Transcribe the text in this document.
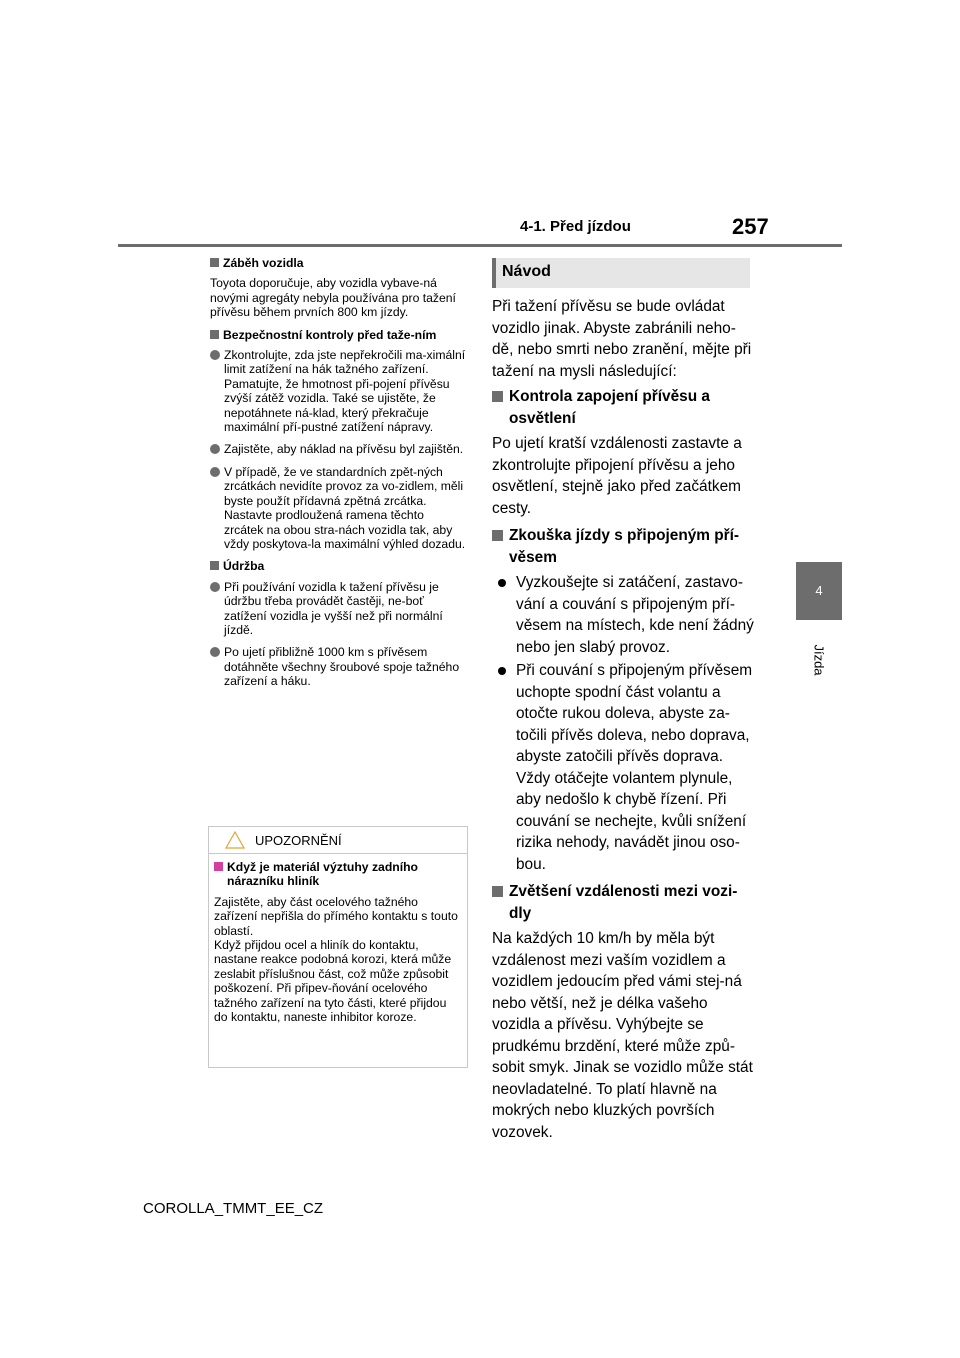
4-1. Před jízdou	257
4
Jízda
Záběh vozidla
Toyota doporučuje, aby vozidla vybave-ná novými agregáty nebyla používána pro tažení přívěsu během prvních 800 km jízdy.
Bezpečnostní kontroly před taže-ním
Zkontrolujte, zda jste nepřekročili ma-ximální limit zatížení na hák tažného zařízení. Pamatujte, že hmotnost při-pojení přívěsu zvýší zátěž vozidla. Také se ujistěte, že nepotáhnete ná-klad, který překračuje maximální pří-pustné zatížení nápravy.
Zajistěte, aby náklad na přívěsu byl zajištěn.
V případě, že ve standardních zpět-ných zrcátkách nevidíte provoz za vo-zidlem, měli byste použít přídavná zpětná zrcátka. Nastavte prodloužená ramena těchto zrcátek na obou stra-nách vozidla tak, aby vždy poskytova-la maximální výhled dozadu.
Údržba
Při používání vozidla k tažení přívěsu je údržbu třeba provádět častěji, ne-boť zatížení vozidla je vyšší než při normální jízdě.
Po ujetí přibližně 1000 km s přívěsem dotáhněte všechny šroubové spoje tažného zařízení a háku.
UPOZORNĚNÍ
Když je materiál výztuhy zadního nárazníku hliník
Zajistěte, aby část ocelového tažného zařízení nepřišla do přímého kontaktu s touto oblastí.
Když přijdou ocel a hliník do kontaktu, nastane reakce podobná korozi, která může zeslabit příslušnou část, což může způsobit poškození. Při připev-ňování ocelového tažného zařízení na tyto části, které přijdou do kontaktu, naneste inhibitor koroze.
Návod
Při tažení přívěsu se bude ovládat vozidlo jinak. Abyste zabránili neho-dě, nebo smrti nebo zranění, mějte při tažení na mysli následující:
Kontrola zapojení přívěsu a osvětlení
Po ujetí kratší vzdálenosti zastavte a zkontrolujte připojení přívěsu a jeho osvětlení, stejně jako před začátkem cesty.
Zkouška jízdy s připojeným pří-věsem
Vyzkoušejte si zatáčení, zastavo-vání a couvání s připojeným pří-věsem na místech, kde není žádný nebo jen slabý provoz.
Při couvání s připojeným přívěsem uchopte spodní část volantu a otočte rukou doleva, abyste za-točili přívěs doleva, nebo doprava, abyste zatočili přívěs doprava. Vždy otáčejte volantem plynule, aby nedošlo k chybě řízení. Při couvání se nechejte, kvůli snížení rizika nehody, navádět jinou oso-bou.
Zvětšení vzdálenosti mezi vozi-dly
Na každých 10 km/h by měla být vzdálenost mezi vaším vozidlem a vozidlem jedoucím před vámi stej-ná nebo větší, než je délka vašeho vozidla a přívěsu. Vyhýbejte se prudkému brzdění, které může způ-sobit smyk. Jinak se vozidlo může stát neovladatelné. To platí hlavně na mokrých nebo kluzkých površích vozovek.
COROLLA_TMMT_EE_CZ
